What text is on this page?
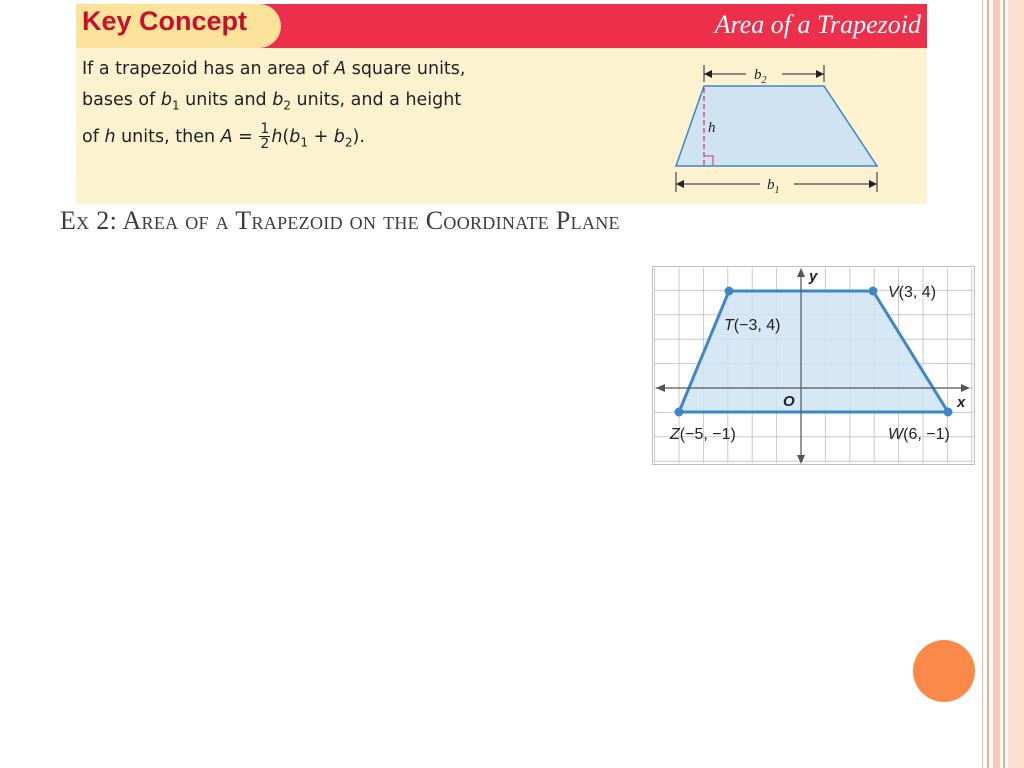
Key Concept	Area of a Trapezoid
If a trapezoid has an area of A square units,
bases of $b_1$ units and $b_2$ units, and a height
of h units, then $A = \frac{1}{2} h(b_1 + b_2)$.
$b_2$
h
$b_1$
Ex 2: Area of a Trapezoid on the Coordinate Plane
x
y
O
T(−3, 4)
V(3, 4)
Z(−5, −1)	W(6, −1)
